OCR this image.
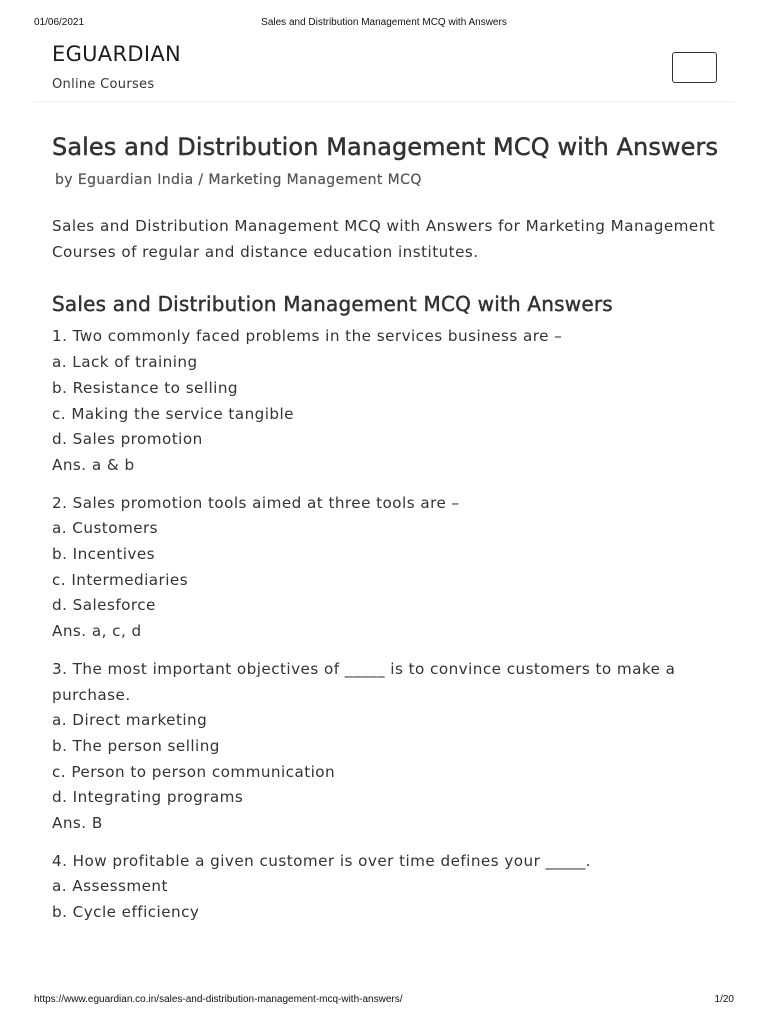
01/06/2021	Sales and Distribution Management MCQ with Answers
EGUARDIAN
Online Courses
Sales and Distribution Management MCQ with Answers
by Eguardian India / Marketing Management MCQ

Sales and Distribution Management MCQ with Answers for Marketing Management Courses of regular and distance education institutes.

Sales and Distribution Management MCQ with Answers
1. Two commonly faced problems in the services business are –
a. Lack of training
b. Resistance to selling
c. Making the service tangible
d. Sales promotion
Ans. a & b
2. Sales promotion tools aimed at three tools are –
a. Customers
b. Incentives
c. Intermediaries
d. Salesforce
Ans. a, c, d
3. The most important objectives of _____ is to convince customers to make a purchase.
a. Direct marketing
b. The person selling
c. Person to person communication
d. Integrating programs
Ans. B
4. How profitable a given customer is over time defines your _____.
a. Assessment
b. Cycle efficiency
https://www.eguardian.co.in/sales-and-distribution-management-mcq-with-answers/	1/20
